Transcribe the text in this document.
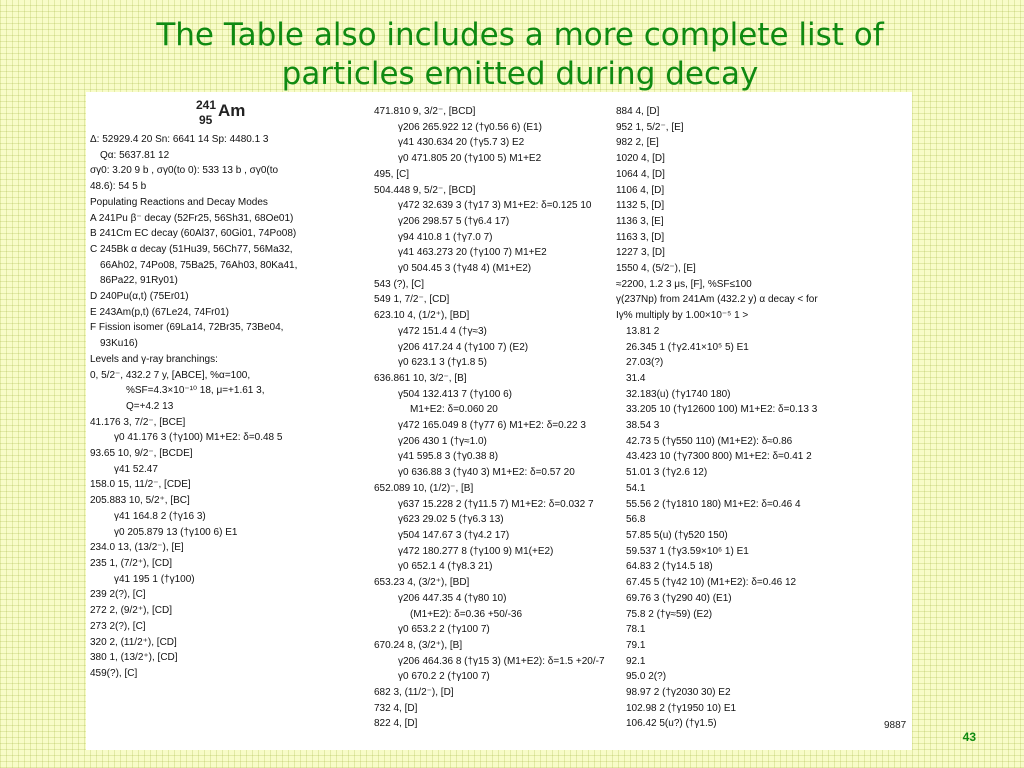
The Table also includes a more complete list of
particles emitted during decay
241
95 Am
Δ: 52929.4 20 Sn: 6641 14 Sp: 4480.1 3
Qα: 5637.81 12
σγ0: 3.20 9 b , σγ0(to 0): 533 13 b , σγ0(to
48.6): 54 5 b
Populating Reactions and Decay Modes
A 241Pu β⁻ decay (52Fr25, 56Sh31, 68Oe01)
B 241Cm EC decay (60Al37, 60Gi01, 74Po08)
C 245Bk α decay (51Hu39, 56Ch77, 56Ma32,
66Ah02, 74Po08, 75Ba25, 76Ah03, 80Ka41,
86Pa22, 91Ry01)
D 240Pu(α,t) (75Er01)
E 243Am(p,t) (67Le24, 74Fr01)
F Fission isomer (69La14, 72Br35, 73Be04,
93Ku16)
Levels and γ-ray branchings:
0, 5/2⁻, 432.2 7 y, [ABCE], %α=100,
%SF=4.3×10⁻¹⁰ 18, μ=+1.61 3,
Q=+4.2 13
41.176 3, 7/2⁻, [BCE]
γ0 41.176 3 (†γ100) M1+E2: δ=0.48 5
93.65 10, 9/2⁻, [BCDE]
γ41 52.47
158.0 15, 11/2⁻, [CDE]
205.883 10, 5/2⁺, [BC]
γ41 164.8 2 (†γ16 3)
γ0 205.879 13 (†γ100 6) E1
234.0 13, (13/2⁻), [E]
235 1, (7/2⁺), [CD]
γ41 195 1 (†γ100)
239 2(?), [C]
272 2, (9/2⁺), [CD]
273 2(?), [C]
320 2, (11/2⁺), [CD]
380 1, (13/2⁺), [CD]
459(?), [C]
471.810 9, 3/2⁻, [BCD]
γ206 265.922 12 (†γ0.56 6) (E1)
γ41 430.634 20 (†γ5.7 3) E2
γ0 471.805 20 (†γ100 5) M1+E2
495, [C]
504.448 9, 5/2⁻, [BCD]
γ472 32.639 3 (†γ17 3) M1+E2: δ=0.125 10
γ206 298.57 5 (†γ6.4 17)
γ94 410.8 1 (†γ7.0 7)
γ41 463.273 20 (†γ100 7) M1+E2
γ0 504.45 3 (†γ48 4) (M1+E2)
543 (?), [C]
549 1, 7/2⁻, [CD]
623.10 4, (1/2⁺), [BD]
γ472 151.4 4 (†γ≈3)
γ206 417.24 4 (†γ100 7) (E2)
γ0 623.1 3 (†γ1.8 5)
636.861 10, 3/2⁻, [B]
γ504 132.413 7 (†γ100 6)
M1+E2: δ=0.060 20
γ472 165.049 8 (†γ77 6) M1+E2: δ=0.22 3
γ206 430 1 (†γ≈1.0)
γ41 595.8 3 (†γ0.38 8)
γ0 636.88 3 (†γ40 3) M1+E2: δ=0.57 20
652.089 10, (1/2)⁻, [B]
γ637 15.228 2 (†γ11.5 7) M1+E2: δ=0.032 7
γ623 29.02 5 (†γ6.3 13)
γ504 147.67 3 (†γ4.2 17)
γ472 180.277 8 (†γ100 9) M1(+E2)
γ0 652.1 4 (†γ8.3 21)
653.23 4, (3/2⁺), [BD]
γ206 447.35 4 (†γ80 10)
(M1+E2): δ=0.36 +50/-36
γ0 653.2 2 (†γ100 7)
670.24 8, (3/2⁺), [B]
γ206 464.36 8 (†γ15 3) (M1+E2): δ=1.5 +20/-7
γ0 670.2 2 (†γ100 7)
682 3, (11/2⁻), [D]
732 4, [D]
822 4, [D]
884 4, [D]
952 1, 5/2⁻, [E]
982 2, [E]
1020 4, [D]
1064 4, [D]
1106 4, [D]
1132 5, [D]
1136 3, [E]
1163 3, [D]
1227 3, [D]
1550 4, (5/2⁻), [E]
≈2200, 1.2 3 μs, [F], %SF≤100
γ(237Np) from 241Am (432.2 y) α decay < for
Iγ% multiply by 1.00×10⁻⁵ 1 >
13.81 2
26.345 1 (†γ2.41×10⁵ 5) E1
27.03(?)
31.4
32.183(u) (†γ1740 180)
33.205 10 (†γ12600 100) M1+E2: δ=0.13 3
38.54 3
42.73 5 (†γ550 110) (M1+E2): δ≈0.86
43.423 10 (†γ7300 800) M1+E2: δ=0.41 2
51.01 3 (†γ2.6 12)
54.1
55.56 2 (†γ1810 180) M1+E2: δ=0.46 4
56.8
57.85 5(u) (†γ520 150)
59.537 1 (†γ3.59×10⁶ 1) E1
64.83 2 (†γ14.5 18)
67.45 5 (†γ42 10) (M1+E2): δ=0.46 12
69.76 3 (†γ290 40) (E1)
75.8 2 (†γ≈59) (E2)
78.1
79.1
92.1
95.0 2(?)
98.97 2 (†γ2030 30) E2
102.98 2 (†γ1950 10) E1
106.42 5(u?) (†γ1.5)	9887
43
